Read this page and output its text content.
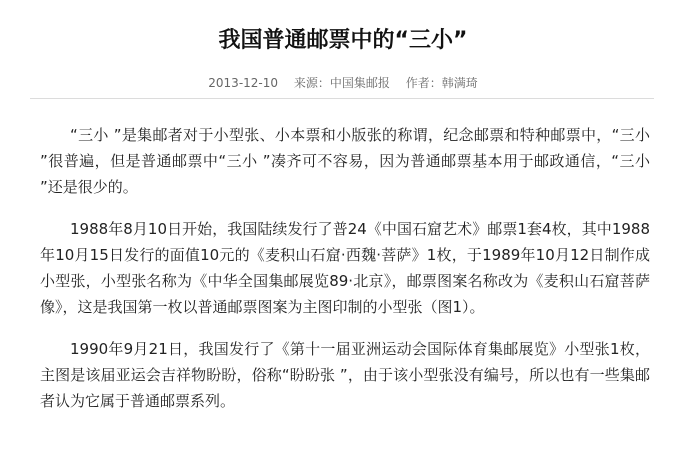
我国普通邮票中的“三小”
2013-12-10 来源：中国集邮报 作者：韩满琦

“三小 ”是集邮者对于小型张、小本票和小版张的称谓，纪念邮票和特种邮票中，“三小 ”很普遍，但是普通邮票中“三小 ”凑齐可不容易，因为普通邮票基本用于邮政通信，“三小 ”还是很少的。

1988年8月10日开始，我国陆续发行了普24《中国石窟艺术》邮票1套4枚，其中1988年10月15日发行的面值10元的《麦积山石窟·西魏·菩萨》1枚，于1989年10月12日制作成小型张，小型张名称为《中华全国集邮展览89·北京》，邮票图案名称改为《麦积山石窟菩萨像》，这是我国第一枚以普通邮票图案为主图印制的小型张（图1）。

1990年9月21日，我国发行了《第十一届亚洲运动会国际体育集邮展览》小型张1枚，主图是该届亚运会吉祥物盼盼，俗称“盼盼张 ”，由于该小型张没有编号，所以也有一些集邮者认为它属于普通邮票系列。
